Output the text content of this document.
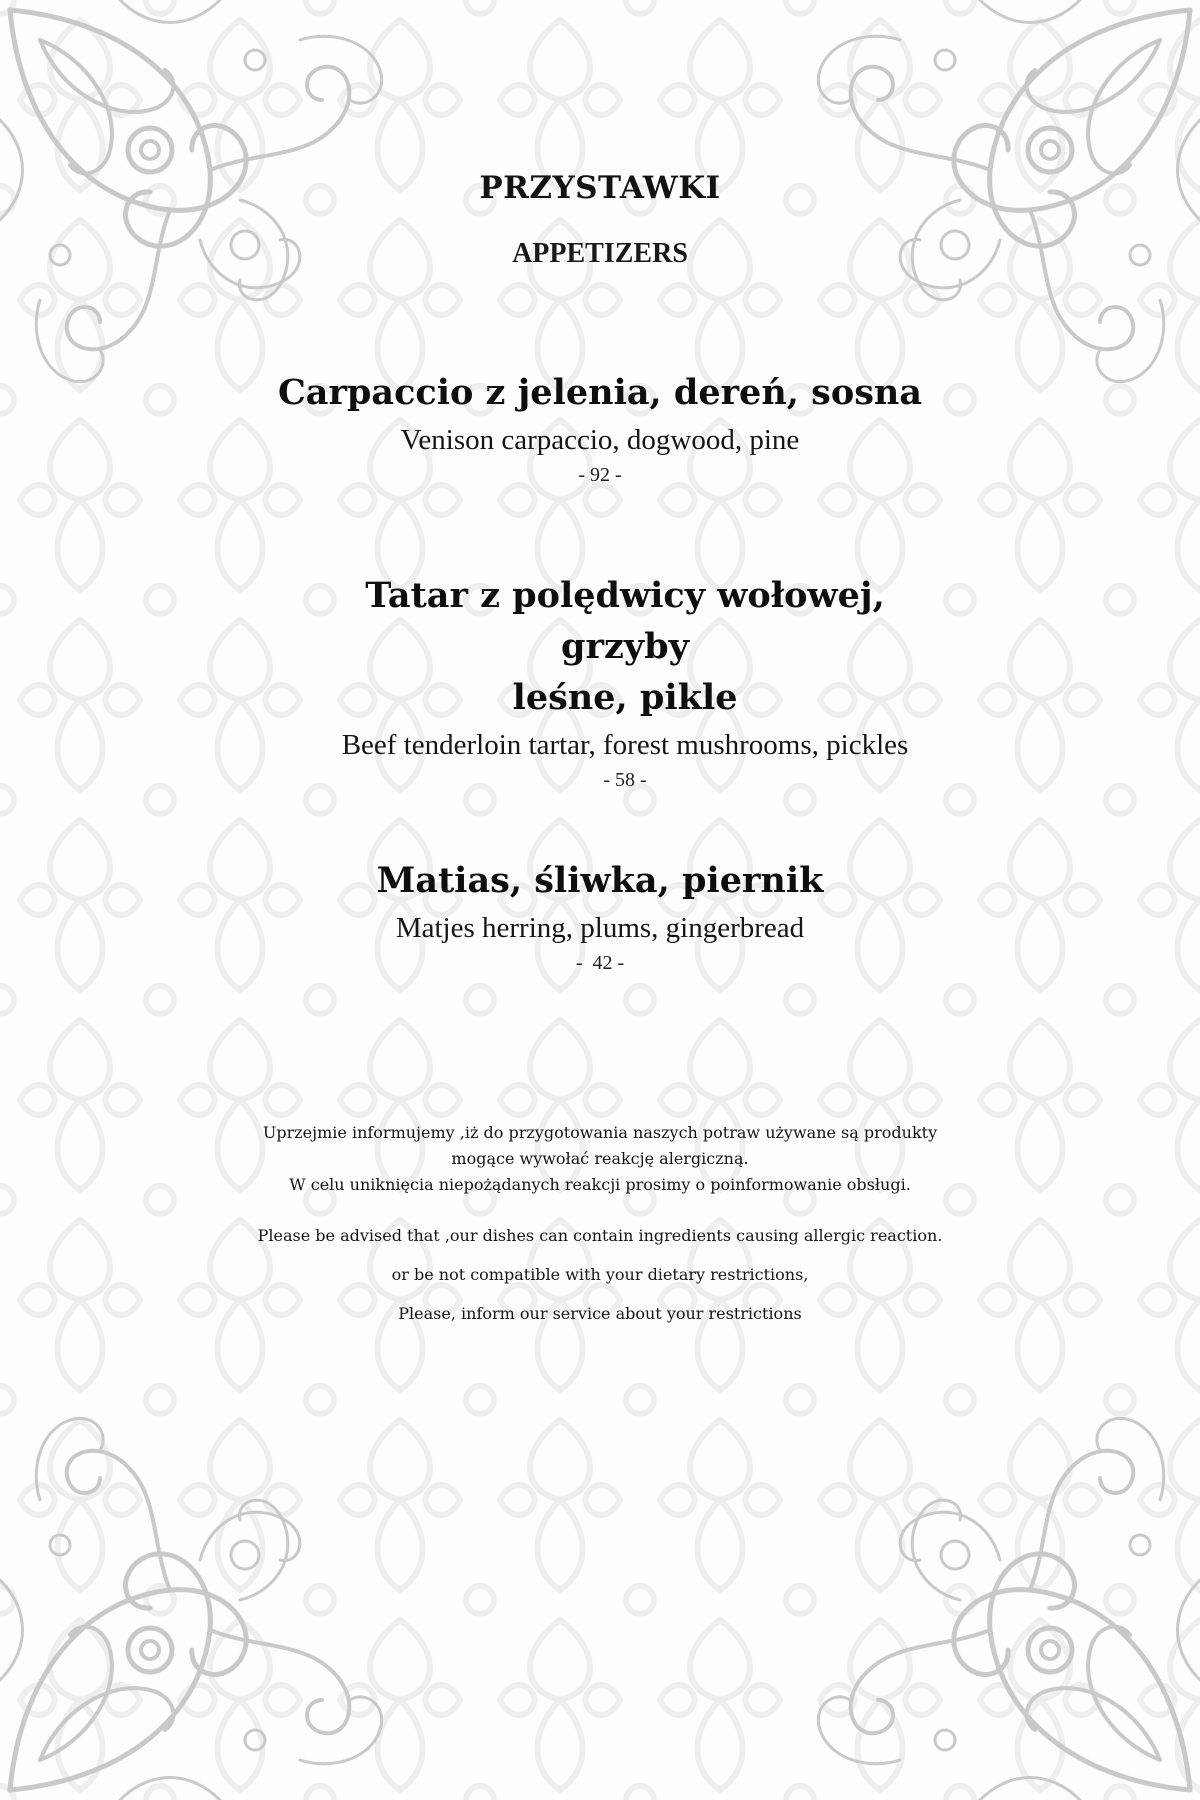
PRZYSTAWKI
APPETIZERS

Carpaccio z jelenia, dereń, sosna

Venison carpaccio, dogwood, pine

- 92 -

Tatar z polędwicy wołowej, grzyby

leśne, pikle

Beef tenderloin tartar, forest mushrooms, pickles

- 58 -

Matias, śliwka, piernik

Matjes herring, plums, gingerbread

-  42 -

Uprzejmie informujemy ,iż do przygotowania naszych potraw używane są produkty

mogące wywołać reakcję alergiczną.

W celu uniknięcia niepożądanych reakcji prosimy o poinformowanie obsługi.

Please be advised that ,our dishes can contain ingredients causing allergic reaction.

or be not compatible with your dietary restrictions,

Please, inform our service about your restrictions
